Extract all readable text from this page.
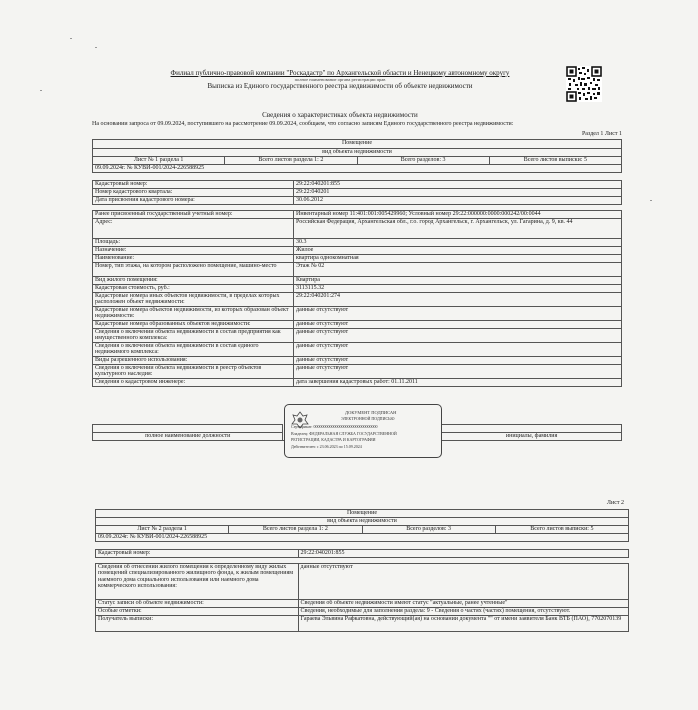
Филиал публично-правовой компании "Роскадастр" по Архангельской области и Ненецкому автономному округу
полное наименование органа регистрации прав
Выписка из Единого государственного реестра недвижимости об объекте недвижимости
Сведения о характеристиках объекта недвижимости
На основании запроса от 09.09.2024, поступившего на рассмотрение 09.09.2024, сообщаем, что согласно записям Единого государственного реестра недвижимости:
Раздел 1 Лист 1
Помещение
вид объекта недвижимости
Лист № 1 раздела 1	Всего листов раздела 1: 2	Всего разделов: 3	Всего листов выписки: 5
09.09.2024г. № КУВИ-001/2024-226588925
Кадастровый номер:	29:22:040201:855
Номер кадастрового квартала:	29:22:040201
Дата присвоения кадастрового номера:	30.06.2012

Ранее присвоенный государственный учетный номер:	Инвентарный номер 11:401:001:005429960; Условный номер 29:22:000000:0000:000242/00:0044
Адрес:	Российская Федерация, Архангельская обл., г.о. город Архангельск, г. Архангельск, ул. Гагарина, д. 9, кв. 44
Площадь:	30.3
Назначение:	Жилое
Наименование:	квартира однокомнатная
Номер, тип этажа, на котором расположено помещение, машино-место	Этаж № 02
Вид жилого помещения:	Квартира
Кадастровая стоимость, руб.:	3113115.32
Кадастровые номера иных объектов недвижимости, в пределах которых расположен объект недвижимости:	29:22:040201:274
Кадастровые номера объектов недвижимости, из которых образован объект недвижимости:	данные отсутствуют
Кадастровые номера образованных объектов недвижимости:	данные отсутствуют
Сведения о включении объекта недвижимости в состав предприятия как имущественного комплекса:	данные отсутствуют
Сведения о включении объекта недвижимости в состав единого недвижимого комплекса:	данные отсутствуют
Виды разрешенного использования:	данные отсутствуют
Сведения о включении объекта недвижимости в реестр объектов культурного наследия:	данные отсутствуют
Сведения о кадастровом инженере:	дата завершения кадастровых работ: 01.11.2011

полное наименование должности		инициалы, фамилия
ДОКУМЕНТ ПОДПИСАН
ЭЛЕКТРОННОЙ ПОДПИСЬЮ
Сертификат: 00000000000000000000000000000000
Владелец: ФЕДЕРАЛЬНАЯ СЛУЖБА ГОСУДАРСТВЕННОЙ
РЕГИСТРАЦИИ, КАДАСТРА И КАРТОГРАФИИ
Действителен: с 23.06.2023 по 15.09.2024
Лист 2
Помещение
вид объекта недвижимости
Лист № 2 раздела 1	Всего листов раздела 1: 2	Всего разделов: 3	Всего листов выписки: 5
09.09.2024г. № КУВИ-001/2024-226588925
Кадастровый номер:	29:22:040201:855

Сведения об отнесении жилого помещения к определенному виду жилых помещений специализированного жилищного фонда, к жилым помещениям наемного дома социального использования или наемного дома коммерческого использования:	данные отсутствуют
Статус записи об объекте недвижимости:	Сведения об объекте недвижимости имеют статус "актуальные, ранее учтенные"
Особые отметки:	Сведения, необходимые для заполнения раздела: 9 - Сведения о частях (частях) помещения, отсутствуют.
Получатель выписки:	Гараева Эльвина Рафкатовна, действующий(ая) на основании документа "" от имени заявителя Банк ВТБ (ПАО), 7702070139
